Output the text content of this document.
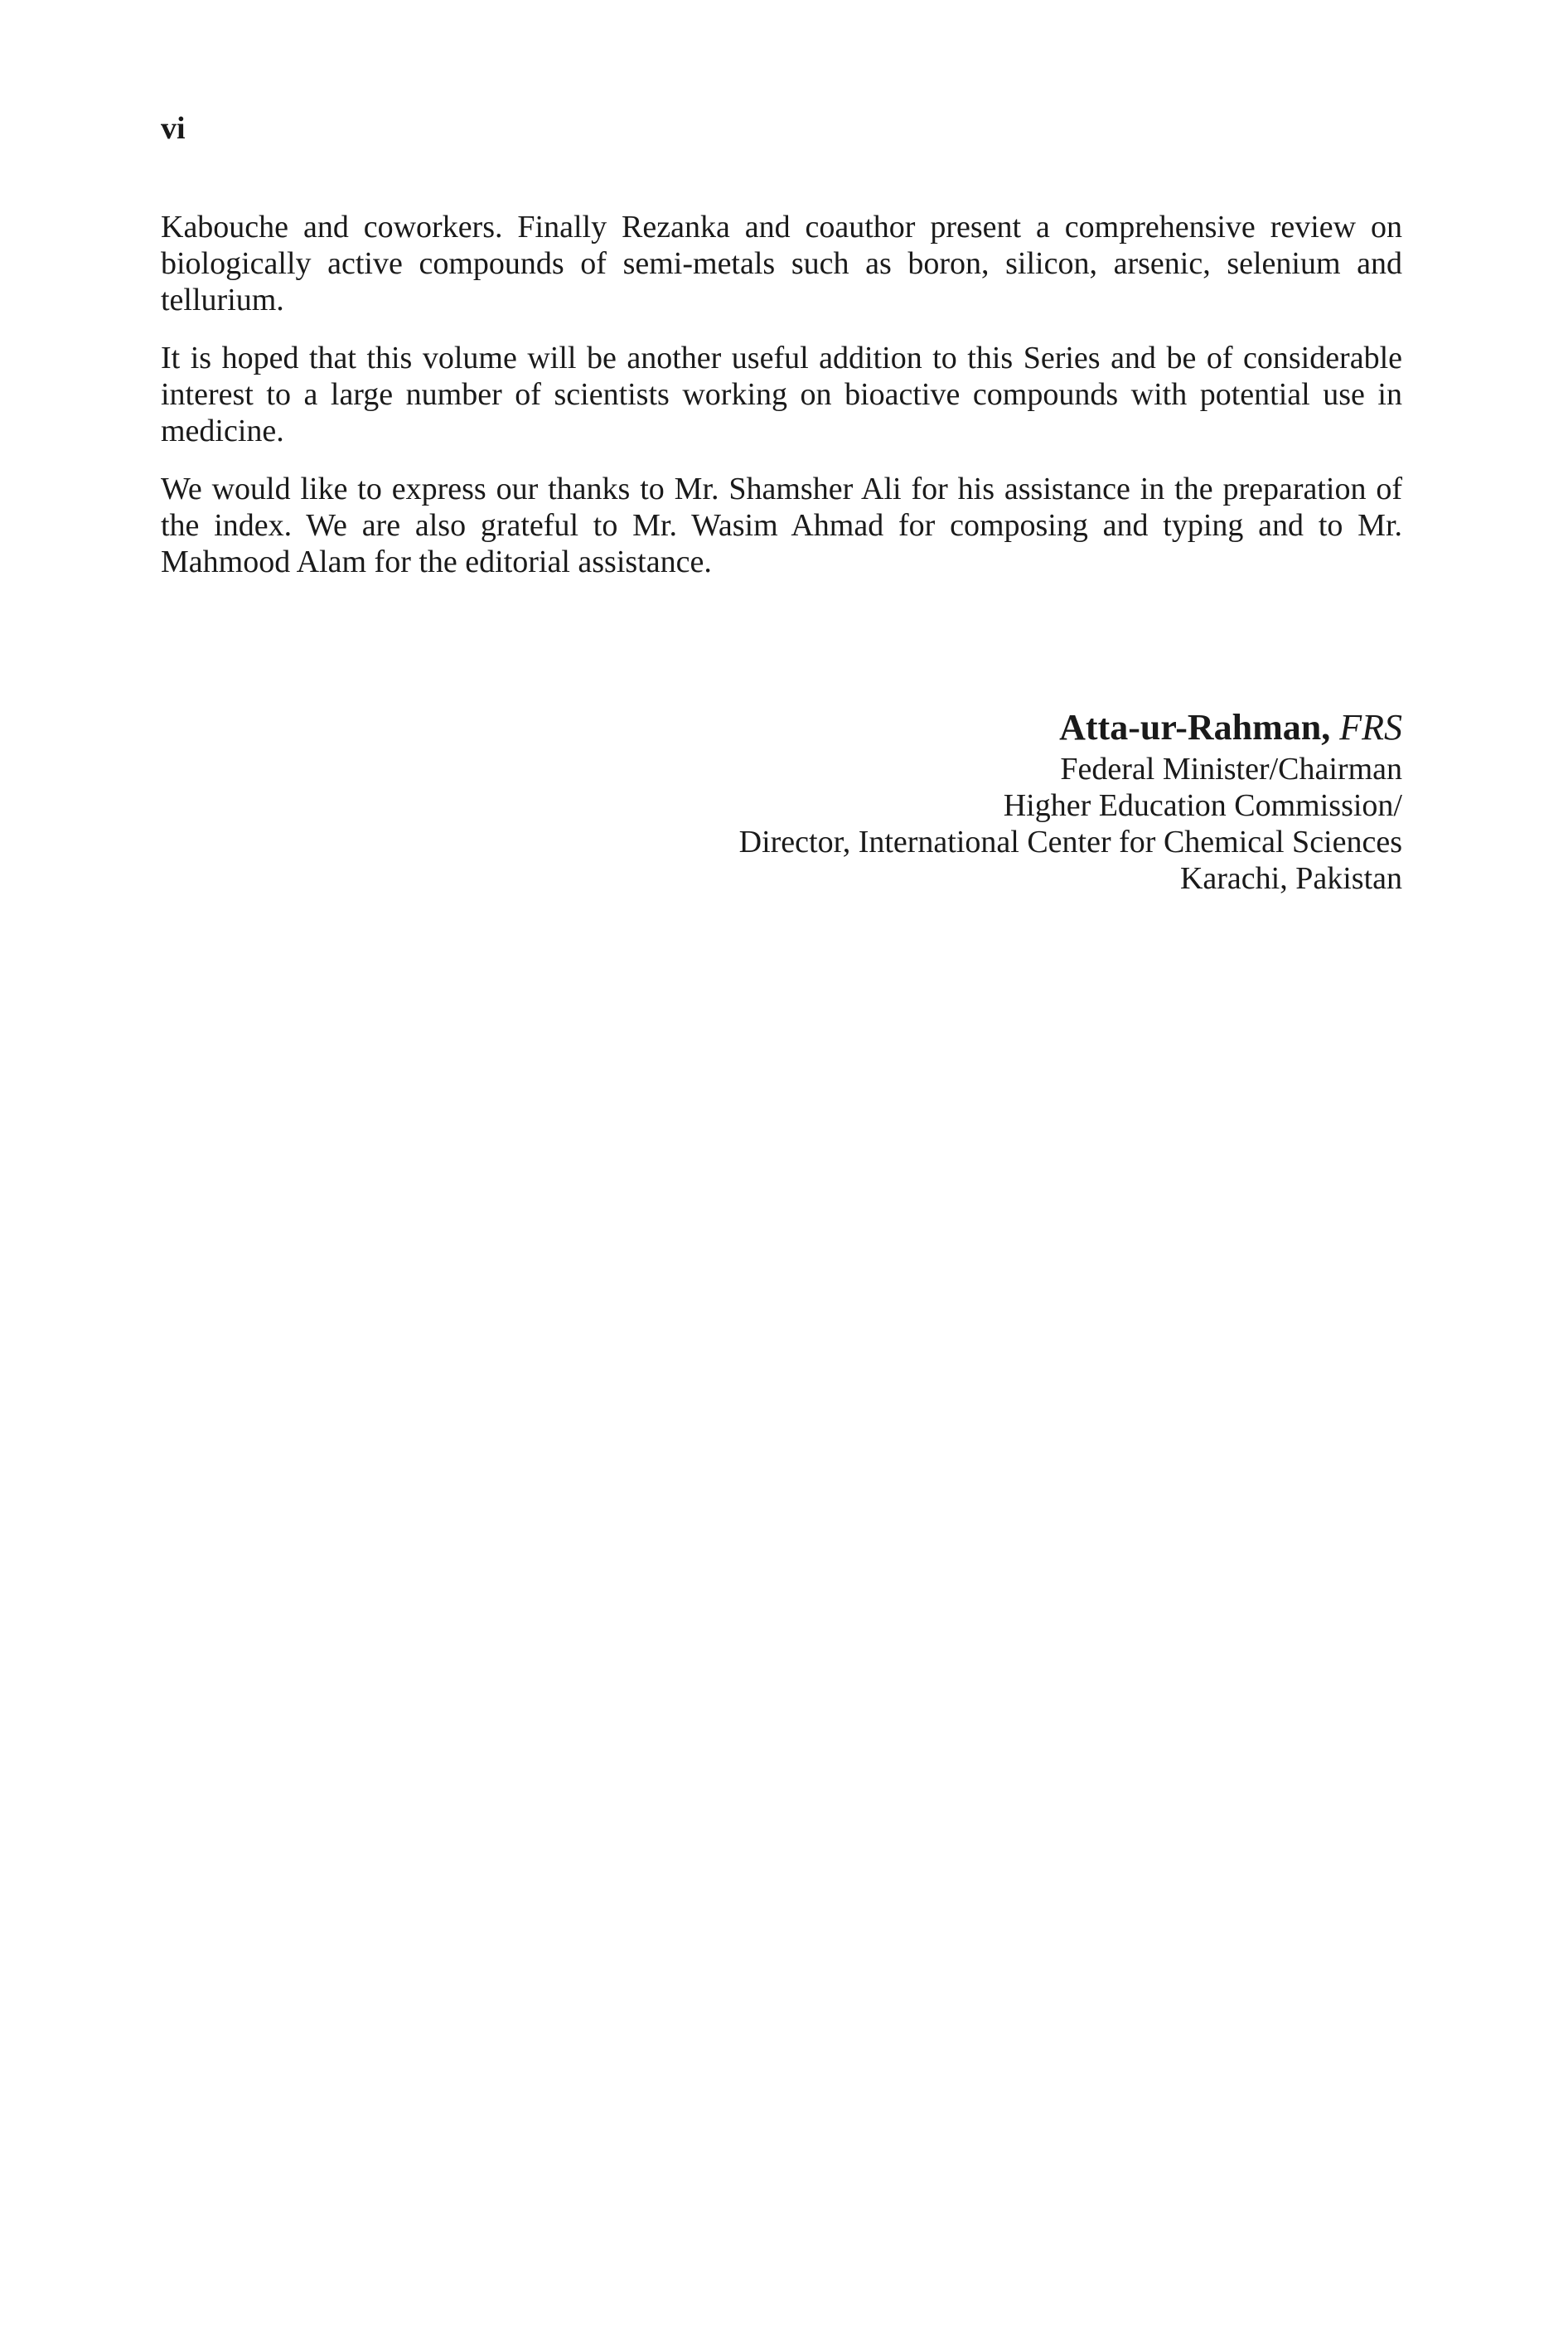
vi

Kabouche and coworkers. Finally Rezanka and coauthor present a comprehensive review on biologically active compounds of semi-metals such as boron, silicon, arsenic, selenium and tellurium.

It is hoped that this volume will be another useful addition to this Series and be of considerable interest to a large number of scientists working on bioactive compounds with potential use in medicine.

We would like to express our thanks to Mr. Shamsher Ali for his assistance in the preparation of the index. We are also grateful to Mr. Wasim Ahmad for composing and typing and to Mr. Mahmood Alam for the editorial assistance.

Atta-ur-Rahman, FRS
Federal Minister/Chairman
Higher Education Commission/
Director, International Center for Chemical Sciences
Karachi, Pakistan
